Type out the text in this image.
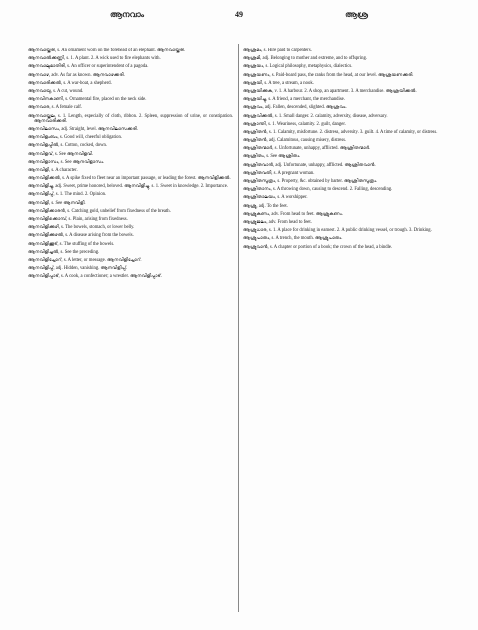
ആനവാം	49	ആശ്ര

ആനവായ്ക്കരി, s. An ornament worn on the forehead of an elephant. ആനവായ്ക്കരി.

ആനവാൽക്കണ്ണി, s. 1. A plant. 2. A wick used to fire elephants with.

ആനവാലുമാതിരി, s. An officer or superintendent of a pagoda.

ആനവാഴ, adv. As far as known. ആനവാഴക്കരി.

ആനവാരിക്കൽ, s. A war-boat, a shepherd.

ആനവായു, s. A cut, wound.

ആനവിനകാണി, s. Ornamental fire, placed on the neck side.

ആനവാര, s. A female calf.

ആനവായ്ക്കല, s. 1. Length, especially of cloth, ribbon. 2. Spleen, suppression of urine, or constipation. ആനവാരിക്കരി.

ആനവിലാസം, adj. Straight, level. ആനവിലാസക്കരി.

ആനവിളംബം, s. Good will, cheerful obligation.

ആനവിളപ്പിൽ, s. Cotton, cocked, down.

ആനവിളവ്, s. See ആനവിളവി.

ആനവിളാസം, s. See ആനവിളാസം.

ആനവിളി, s. A character.

ആനവിളിക്കൽ, s. A spike fixed to fleet near an important passage, or leading the forest. ആനവിളിക്കൽ.

ആനവിളിച്ചു, adj. Sweet, prime honored, beloved. ആനവിളിച്ചു. s. 1. Sweet in knowledge. 2. Importance.

ആനവിളിപ്പ്, s. 1. The mind. 2. Opinion.

ആനവിളി, s. See ആനവിളി.

ആനവിളിക്കാരൻ, s. Catching gold, unbelief from fixedness of the breath.

ആനവിളിക്കൊമ്പ്, s. Plain, arising from fixedness.

ആനവിളിക്കുഴി, s. The bowels, stomach, or lower belly.

ആനവിളിക്കുഴൽ, s. A disease arising from the bowels.

ആനവിളിക്കൂട്, s. The stuffing of the bowels.

ആനവിളിച്ചൽ, s. See the preceding.

ആനവിളിച്ചോറ്, s. A letter, or message. ആനവിളിച്ചോറ്.

ആനവിളിപ്പ്, adj. Hidden, vanishing. ആനവിളിപ്പ്.

ആനവിളിപ്പാട്, s. A cook, a confectioner; a wrestler. ആനവിളിപ്പാട്.

ആശ്രമം, s. Hire paid to carpenters.

ആശ്രമി, adj. Belonging to mother and extreme, and to offspring.

ആശ്രയം, s. Logical philosophy, metaphysics, dialectics.

ആശ്രയണം, s. Paid-board pass, the ranks from the head, at our level. ആശ്രയണക്കരി.

ആശ്രയി, s. A tree, a stream, a nook.

ആശ്രയിക്കുക, v. 1. A harbour. 2. A shop, an apartment. 3. A merchandise. ആശ്രയിക്കൽ.

ആശ്രയിച്ചു, s. A friend, a merchant, the merchandise.

ആശ്രവം, adj. Fallen, descended, slighted. ആശ്രവം.

ആശ്രവിക്കൽ, s. 1. Small danger. 2. calamity, adversity, disease, adversary.

ആശ്രാന്തി, s. 1. Weariness, calamity. 2. guilt, danger.

ആശ്രിതൻ, s. 1. Calamity, misfortune. 2. distress, adversity. 3. guilt. 4. A time of calamity, or distress.

ആശ്രിതൻ, adj. Calamitous, causing misery, distress.

ആശ്രിതന്മാർ, s. Unfortunate, unhappy, afflicted. ആശ്രിതന്മാർ.

ആശ്രിതം, s. See ആശ്രിതം.

ആശ്രിതവാൻ, adj. Unfortunate, unhappy, afflicted. ആശ്രിതവാൻ.

ആശ്രിതവതി, s. A pregnant woman.

ആശ്രിതസൂത്രം, s. Property, &c. obtained by barter. ആശ്രിതസൂത്രം.

ആശ്രിതാനം, s. A throwing down, causing to descend. 2. Falling, descending.

ആശ്രിതാലയം, s. A worshipper.

ആശ്രു, adj. To the feet.

ആശ്രുകണം, adv. From head to feet. ആശ്രുകണം.

ആശ്രുജലം, adv. From head to feet.

ആശ്രുധാര, s. 1. A place for drinking in earnest. 2. A public drinking vessel, or trough. 3. Drinking.

ആശ്രുപാതം, s. A trench, the mouth. ആശ്രുപാതം.

ആശ്രുവാൻ, s. A chapter or portion of a book; the crown of the head, a bindle.
